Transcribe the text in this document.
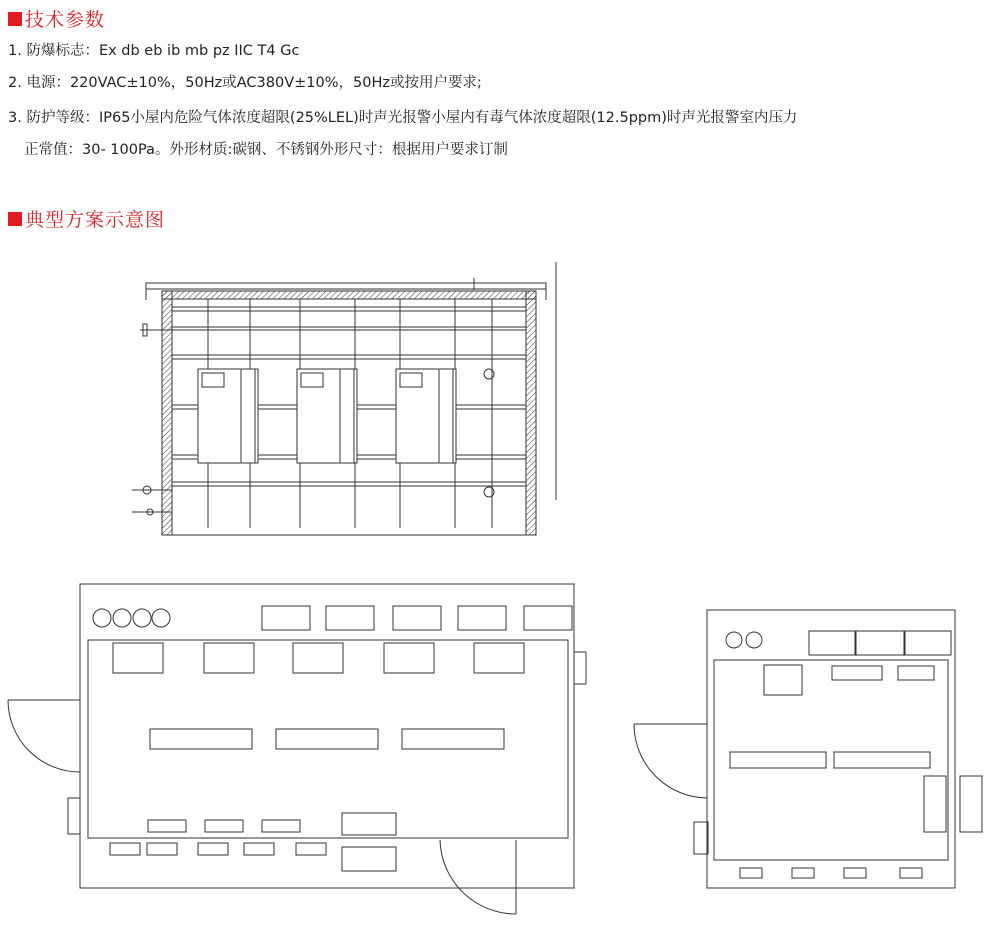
技术参数
1. 防爆标志：Ex db eb ib mb pz IIC T4 Gc
2. 电源：220VAC±10%，50Hz或AC380V±10%，50Hz或按用户要求;
3. 防护等级：IP65小屋内危险气体浓度超限(25%LEL)时声光报警小屋内有毒气体浓度超限(12.5ppm)时声光报警室内压力
正常值：30- 100Pa。外形材质:碳钢、不锈钢外形尺寸：根据用户要求订制
典型方案示意图
